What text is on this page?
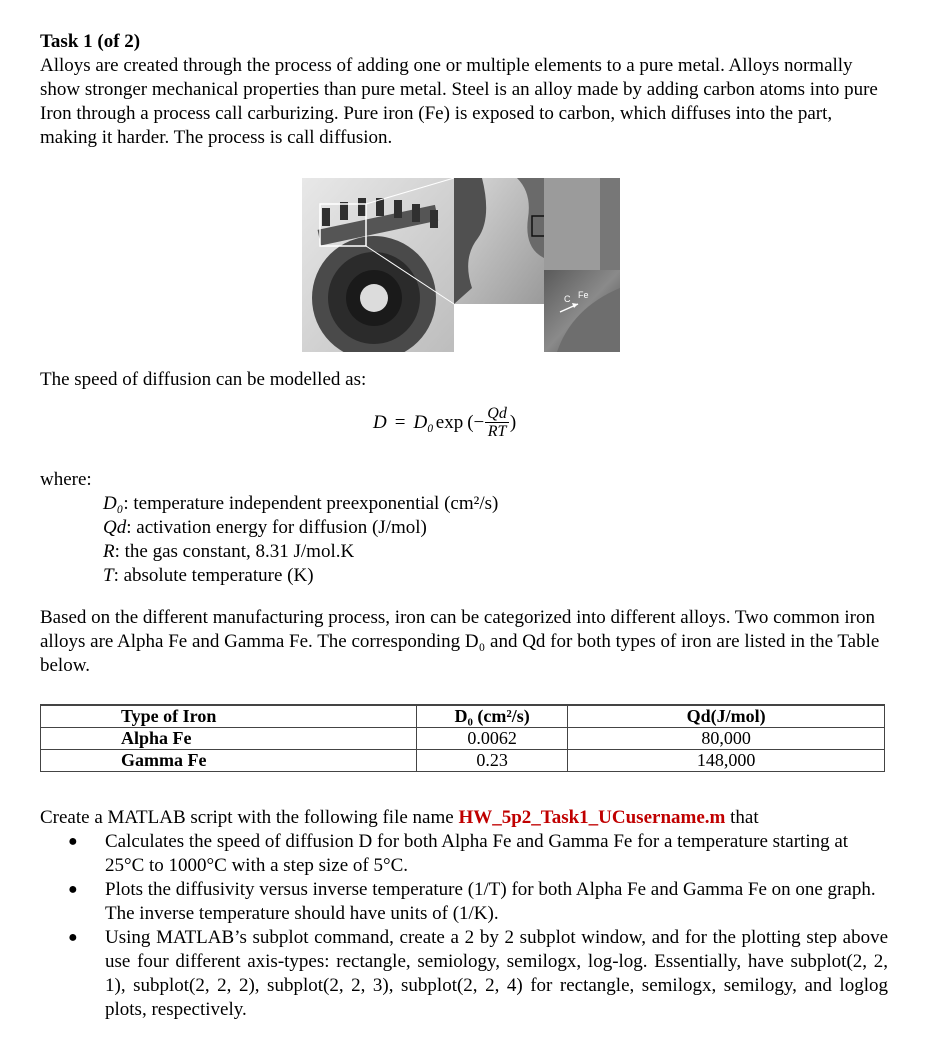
Task 1 (of 2)

Alloys are created through the process of adding one or multiple elements to a pure metal. Alloys normally show stronger mechanical properties than pure metal. Steel is an alloy made by adding carbon atoms into pure Iron through a process call carburizing. Pure iron (Fe) is exposed to carbon, which diffuses into the part, making it harder. The process is call diffusion.

C Fe
The speed of diffusion can be modelled as:
D = D₀ exp (− $\frac{Qd}{RT}$ )
where:
D₀: temperature independent preexponential (cm²/s)
Qd: activation energy for diffusion (J/mol)
R: the gas constant, 8.31 J/mol.K
T: absolute temperature (K)
Based on the different manufacturing process, iron can be categorized into different alloys. Two common iron alloys are Alpha Fe and Gamma Fe. The corresponding D₀ and Qd for both types of iron are listed in the Table below.
Type of Iron	D₀ (cm²/s)	Qd(J/mol)
Alpha Fe	0.0062	80,000
Gamma Fe	0.23	148,000
Create a MATLAB script with the following file name HW_5p2_Task1_UCusername.m that
● Calculates the speed of diffusion D for both Alpha Fe and Gamma Fe for a temperature starting at 25°C to 1000°C with a step size of 5°C.
● Plots the diffusivity versus inverse temperature (1/T) for both Alpha Fe and Gamma Fe on one graph. The inverse temperature should have units of (1/K).
● Using MATLAB’s subplot command, create a 2 by 2 subplot window, and for the plotting step above use four different axis-types: rectangle, semiology, semilogx, log-log. Essentially, have subplot(2, 2, 1), subplot(2, 2, 2), subplot(2, 2, 3), subplot(2, 2, 4) for rectangle, semilogx, semilogy, and loglog plots, respectively.
